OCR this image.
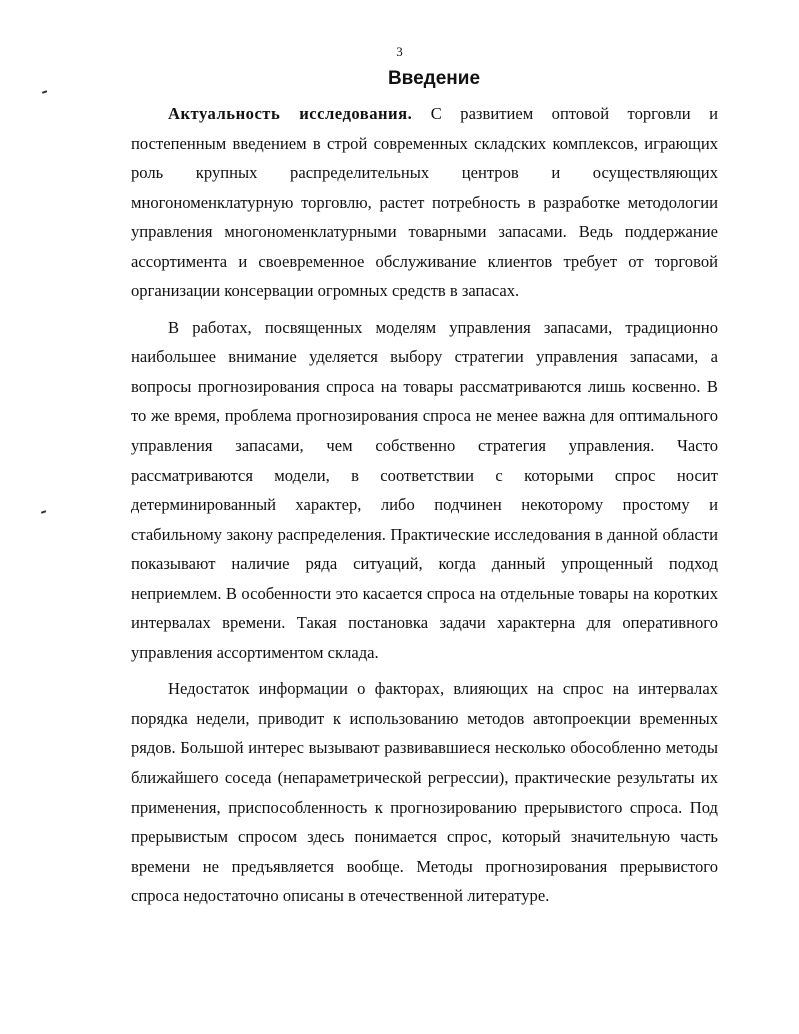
3
Введение

Актуальность исследования. С развитием оптовой торговли и постепенным введением в строй современных складских комплексов, играющих роль крупных распределительных центров и осуществляющих многономенклатурную торговлю, растет потребность в разработке методологии управления многономенклатурными товарными запасами. Ведь поддержание ассортимента и своевременное обслуживание клиентов требует от торговой организации консервации огромных средств в запасах.

В работах, посвященных моделям управления запасами, традиционно наибольшее внимание уделяется выбору стратегии управления запасами, а вопросы прогнозирования спроса на товары рассматриваются лишь косвенно. В то же время, проблема прогнозирования спроса не менее важна для оптимального управления запасами, чем собственно стратегия управления. Часто рассматриваются модели, в соответствии с которыми спрос носит детерминированный характер, либо подчинен некоторому простому и стабильному закону распределения. Практические исследования в данной области показывают наличие ряда ситуаций, когда данный упрощенный подход неприемлем. В особенности это касается спроса на отдельные товары на коротких интервалах времени. Такая постановка задачи характерна для оперативного управления ассортиментом склада.

Недостаток информации о факторах, влияющих на спрос на интервалах порядка недели, приводит к использованию методов автопроекции временных рядов. Большой интерес вызывают развивавшиеся несколько обособленно методы ближайшего соседа (непараметрической регрессии), практические результаты их применения, приспособленность к прогнозированию прерывистого спроса. Под прерывистым спросом здесь понимается спрос, который значительную часть времени не предъявляется вообще. Методы прогнозирования прерывистого спроса недостаточно описаны в отечественной литературе.
